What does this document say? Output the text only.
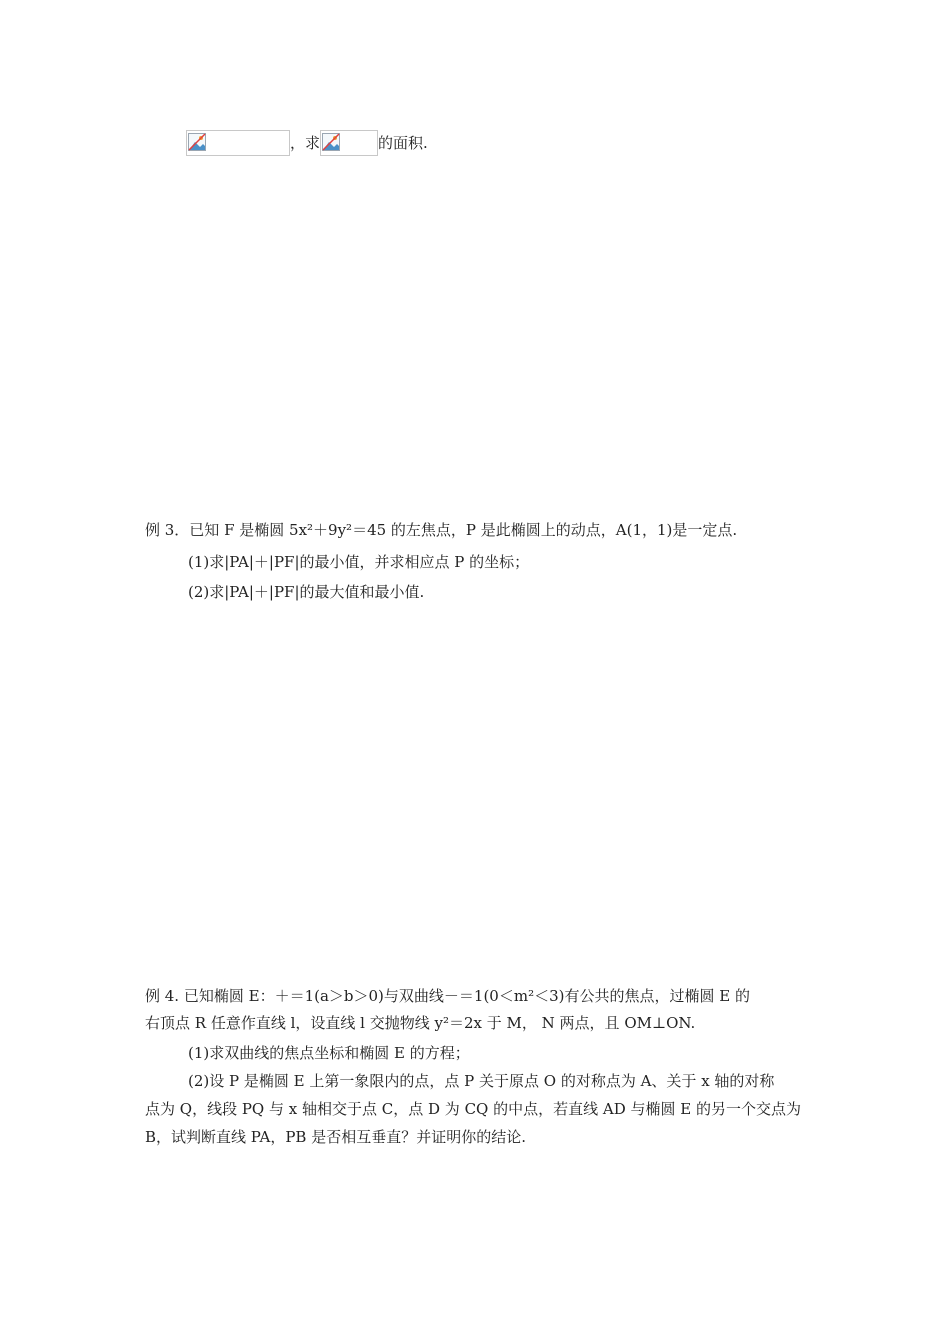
，求	的面积.
例 3．已知 F 是椭圆 5x²＋9y²＝45 的左焦点，P 是此椭圆上的动点，A(1，1)是一定点.
(1)求|PA|＋|PF|的最小值，并求相应点 P 的坐标；
(2)求|PA|＋|PF|的最大值和最小值.
例 4. 已知椭圆 E：＋＝1(a＞b＞0)与双曲线－＝1(0＜m²＜3)有公共的焦点，过椭圆 E 的
右顶点 R 任意作直线 l，设直线 l 交抛物线 y²＝2x 于 M， N 两点，且 OM⊥ON.
(1)求双曲线的焦点坐标和椭圆 E 的方程；
(2)设 P 是椭圆 E 上第一象限内的点，点 P 关于原点 O 的对称点为 A、关于 x 轴的对称
点为 Q，线段 PQ 与 x 轴相交于点 C，点 D 为 CQ 的中点，若直线 AD 与椭圆 E 的另一个交点为
B，试判断直线 PA，PB 是否相互垂直？并证明你的结论.
